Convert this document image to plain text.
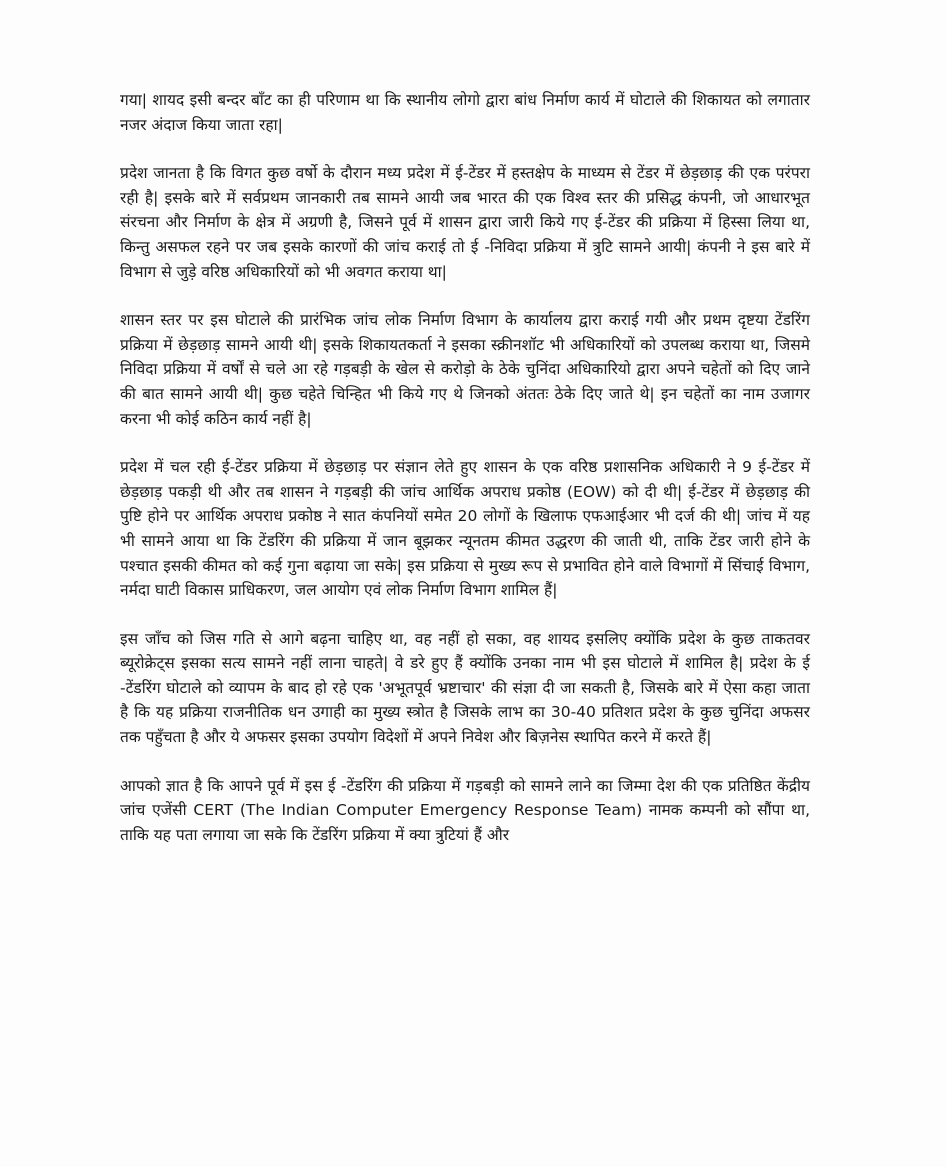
गया| शायद इसी बन्दर बाँट का ही परिणाम था कि स्थानीय लोगो द्वारा बांध निर्माण कार्य में घोटाले की शिकायत को लगातार नजर अंदाज किया जाता रहा|

प्रदेश जानता है कि विगत कुछ वर्षो के दौरान मध्य प्रदेश में ई-टेंडर में हस्तक्षेप के माध्यम से टेंडर में छेड़छाड़ की एक परंपरा रही है| इसके बारे में सर्वप्रथम जानकारी तब सामने आयी जब भारत की एक विश्व स्तर की प्रसिद्ध कंपनी, जो आधारभूत संरचना और निर्माण के क्षेत्र में अग्रणी है, जिसने पूर्व में शासन द्वारा जारी किये गए ई-टेंडर की प्रक्रिया में हिस्सा लिया था, किन्तु असफल रहने पर जब इसके कारणों की जांच कराई तो ई -निविदा प्रक्रिया में त्रुटि सामने आयी| कंपनी ने इस बारे में विभाग से जुड़े वरिष्ठ अधिकारियों को भी अवगत कराया था|

शासन स्तर पर इस घोटाले की प्रारंभिक जांच लोक निर्माण विभाग के कार्यालय द्वारा कराई गयी और प्रथम दृष्टया टेंडरिंग प्रक्रिया में छेड़छाड़ सामने आयी थी| इसके शिकायतकर्ता ने इसका स्क्रीनशॉट भी अधिकारियों को उपलब्ध कराया था, जिसमे निविदा प्रक्रिया में वर्षों से चले आ रहे गड़बड़ी के खेल से करोड़ो के ठेके चुनिंदा अधिकारियो द्वारा अपने चहेतों को दिए जाने की बात सामने आयी थी| कुछ चहेते चिन्हित भी किये गए थे जिनको अंततः ठेके दिए जाते थे| इन चहेतों का नाम उजागर करना भी कोई कठिन कार्य नहीं है|

प्रदेश में चल रही ई-टेंडर प्रक्रिया में छेड़छाड़ पर संज्ञान लेते हुए शासन के एक वरिष्ठ प्रशासनिक अधिकारी ने 9 ई-टेंडर में छेड़छाड़ पकड़ी थी और तब शासन ने गड़बड़ी की जांच आर्थिक अपराध प्रकोष्ठ (EOW) को दी थी| ई-टेंडर में छेड़छाड़ की पुष्टि होने पर आर्थिक अपराध प्रकोष्ठ ने सात कंपनियों समेत 20 लोगों के खिलाफ एफआईआर भी दर्ज की थी| जांच में यह भी सामने आया था कि टेंडरिंग की प्रक्रिया में जान बूझकर न्यूनतम कीमत उद्धरण की जाती थी, ताकि टेंडर जारी होने के पश्चात इसकी कीमत को कई गुना बढ़ाया जा सके| इस प्रक्रिया से मुख्य रूप से प्रभावित होने वाले विभागों में सिंचाई विभाग, नर्मदा घाटी विकास प्राधिकरण, जल आयोग एवं लोक निर्माण विभाग शामिल हैं|

इस जाँच को जिस गति से आगे बढ़ना चाहिए था, वह नहीं हो सका, वह शायद इसलिए क्योंकि प्रदेश के कुछ ताकतवर ब्यूरोक्रेट्स इसका सत्य सामने नहीं लाना चाहते| वे डरे हुए हैं क्योंकि उनका नाम भी इस घोटाले में शामिल है| प्रदेश के ई -टेंडरिंग घोटाले को व्यापम के बाद हो रहे एक 'अभूतपूर्व भ्रष्टाचार' की संज्ञा दी जा सकती है, जिसके बारे में ऐसा कहा जाता है कि यह प्रक्रिया राजनीतिक धन उगाही का मुख्य स्त्रोत है जिसके लाभ का 30-40 प्रतिशत प्रदेश के कुछ चुनिंदा अफसर तक पहुँचता है और ये अफसर इसका उपयोग विदेशों में अपने निवेश और बिज़नेस स्थापित करने में करते हैं|

आपको ज्ञात है कि आपने पूर्व में इस ई -टेंडरिंग की प्रक्रिया में गड़बड़ी को सामने लाने का जिम्मा देश की एक प्रतिष्ठित केंद्रीय जांच एजेंसी CERT (The Indian Computer Emergency Response Team) नामक कम्पनी को सौंपा था, ताकि यह पता लगाया जा सके कि टेंडरिंग प्रक्रिया में क्या त्रुटियां हैं और
